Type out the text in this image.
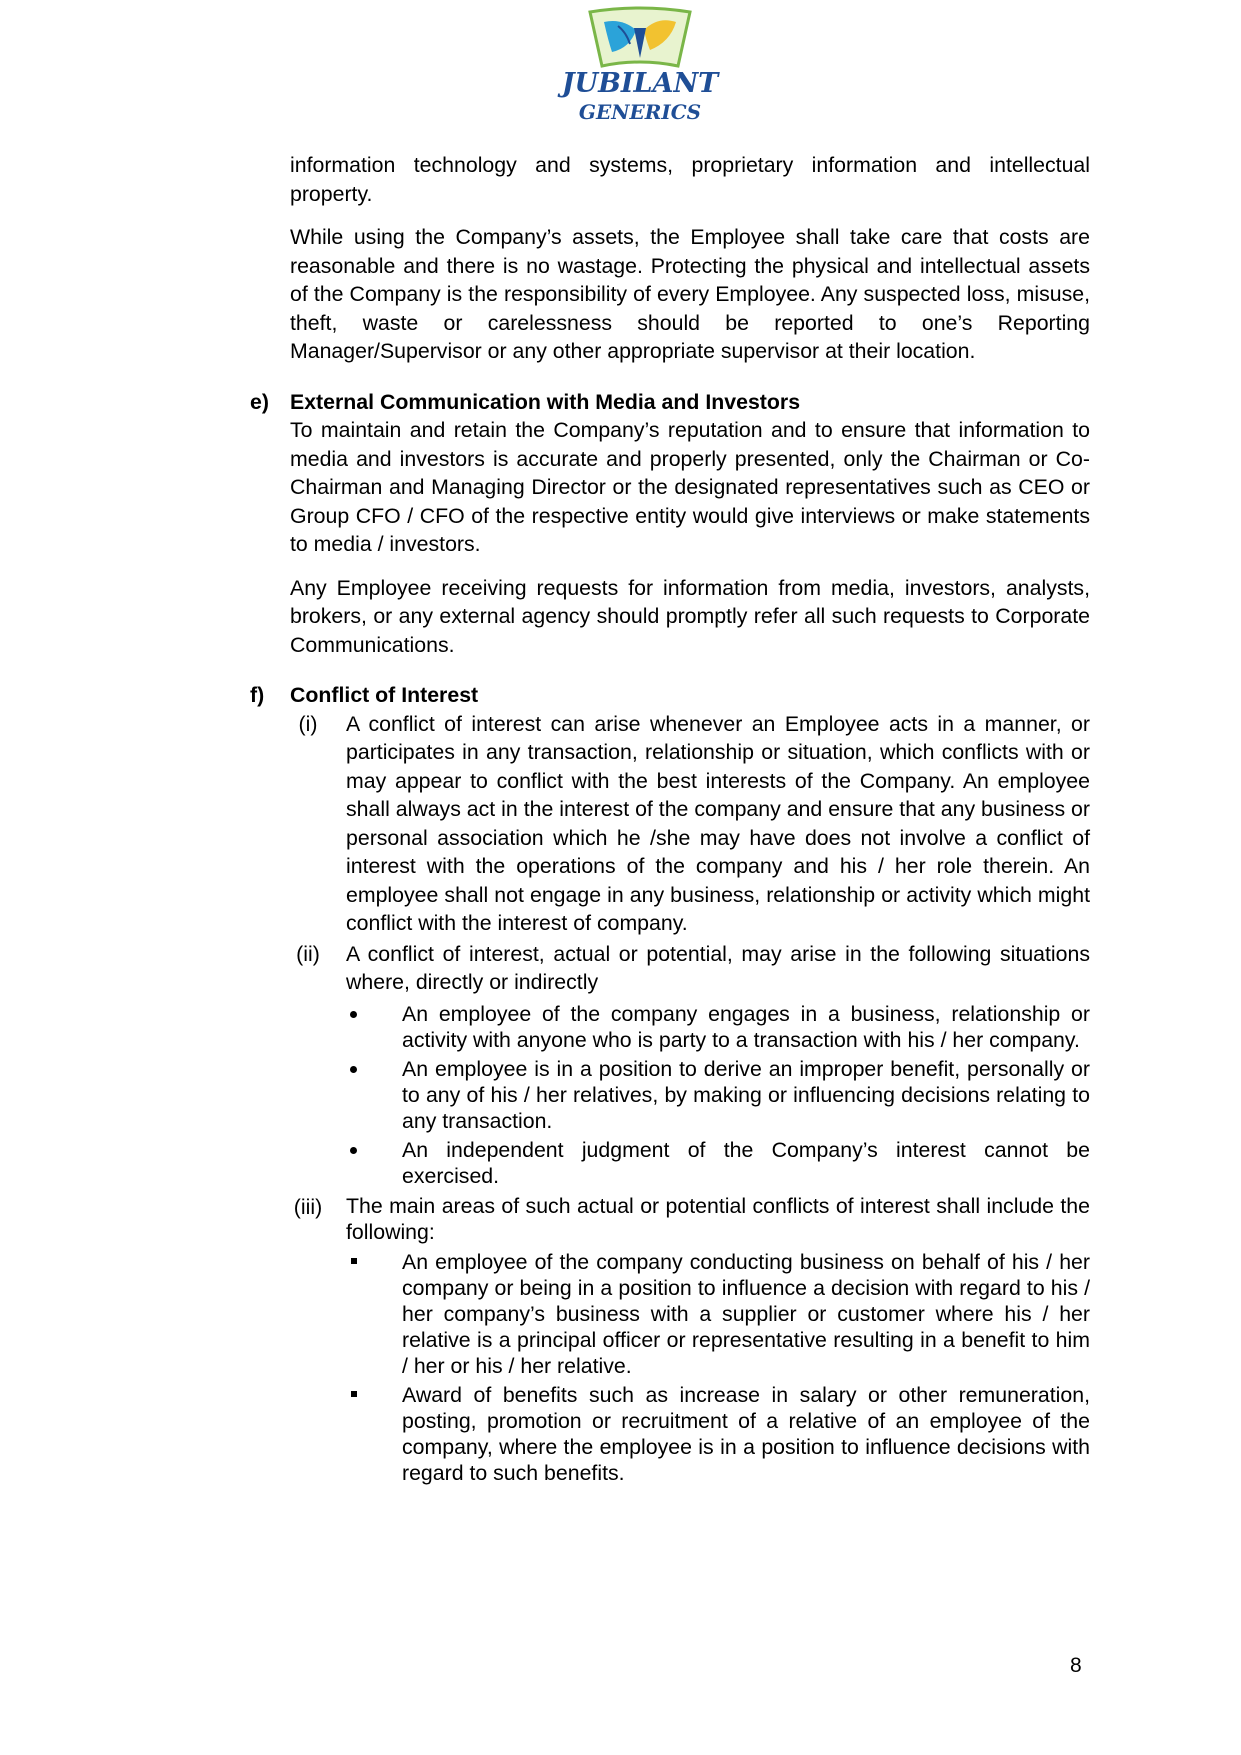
JUBILANT
GENERICS

information technology and systems, proprietary information and intellectual property.

While using the Company’s assets, the Employee shall take care that costs are reasonable and there is no wastage. Protecting the physical and intellectual assets of the Company is the responsibility of every Employee. Any suspected loss, misuse, theft, waste or carelessness should be reported to one’s Reporting Manager/Supervisor or any other appropriate supervisor at their location.

e) External Communication with Media and Investors

To maintain and retain the Company’s reputation and to ensure that information to media and investors is accurate and properly presented, only the Chairman or Co-Chairman and Managing Director or the designated representatives such as CEO or Group CFO / CFO of the respective entity would give interviews or make statements to media / investors.

Any Employee receiving requests for information from media, investors, analysts, brokers, or any external agency should promptly refer all such requests to Corporate Communications.

f) Conflict of Interest

(i)	A conflict of interest can arise whenever an Employee acts in a manner, or participates in any transaction, relationship or situation, which conflicts with or may appear to conflict with the best interests of the Company. An employee shall always act in the interest of the company and ensure that any business or personal association which he /she may have does not involve a conflict of interest with the operations of the company and his / her role therein. An employee shall not engage in any business, relationship or activity which might conflict with the interest of company.
(ii) A conflict of interest, actual or potential, may arise in the following situations where, directly or indirectly
An employee of the company engages in a business, relationship or activity with anyone who is party to a transaction with his / her company.
An employee is in a position to derive an improper benefit, personally or to any of his / her relatives, by making or influencing decisions relating to any transaction.
An independent judgment of the Company’s interest cannot be exercised.
(iii) The main areas of such actual or potential conflicts of interest shall include the following:
An employee of the company conducting business on behalf of his / her company or being in a position to influence a decision with regard to his / her company’s business with a supplier or customer where his / her relative is a principal officer or representative resulting in a benefit to him / her or his / her relative.
Award of benefits such as increase in salary or other remuneration, posting, promotion or recruitment of a relative of an employee of the company, where the employee is in a position to influence decisions with regard to such benefits.
8
